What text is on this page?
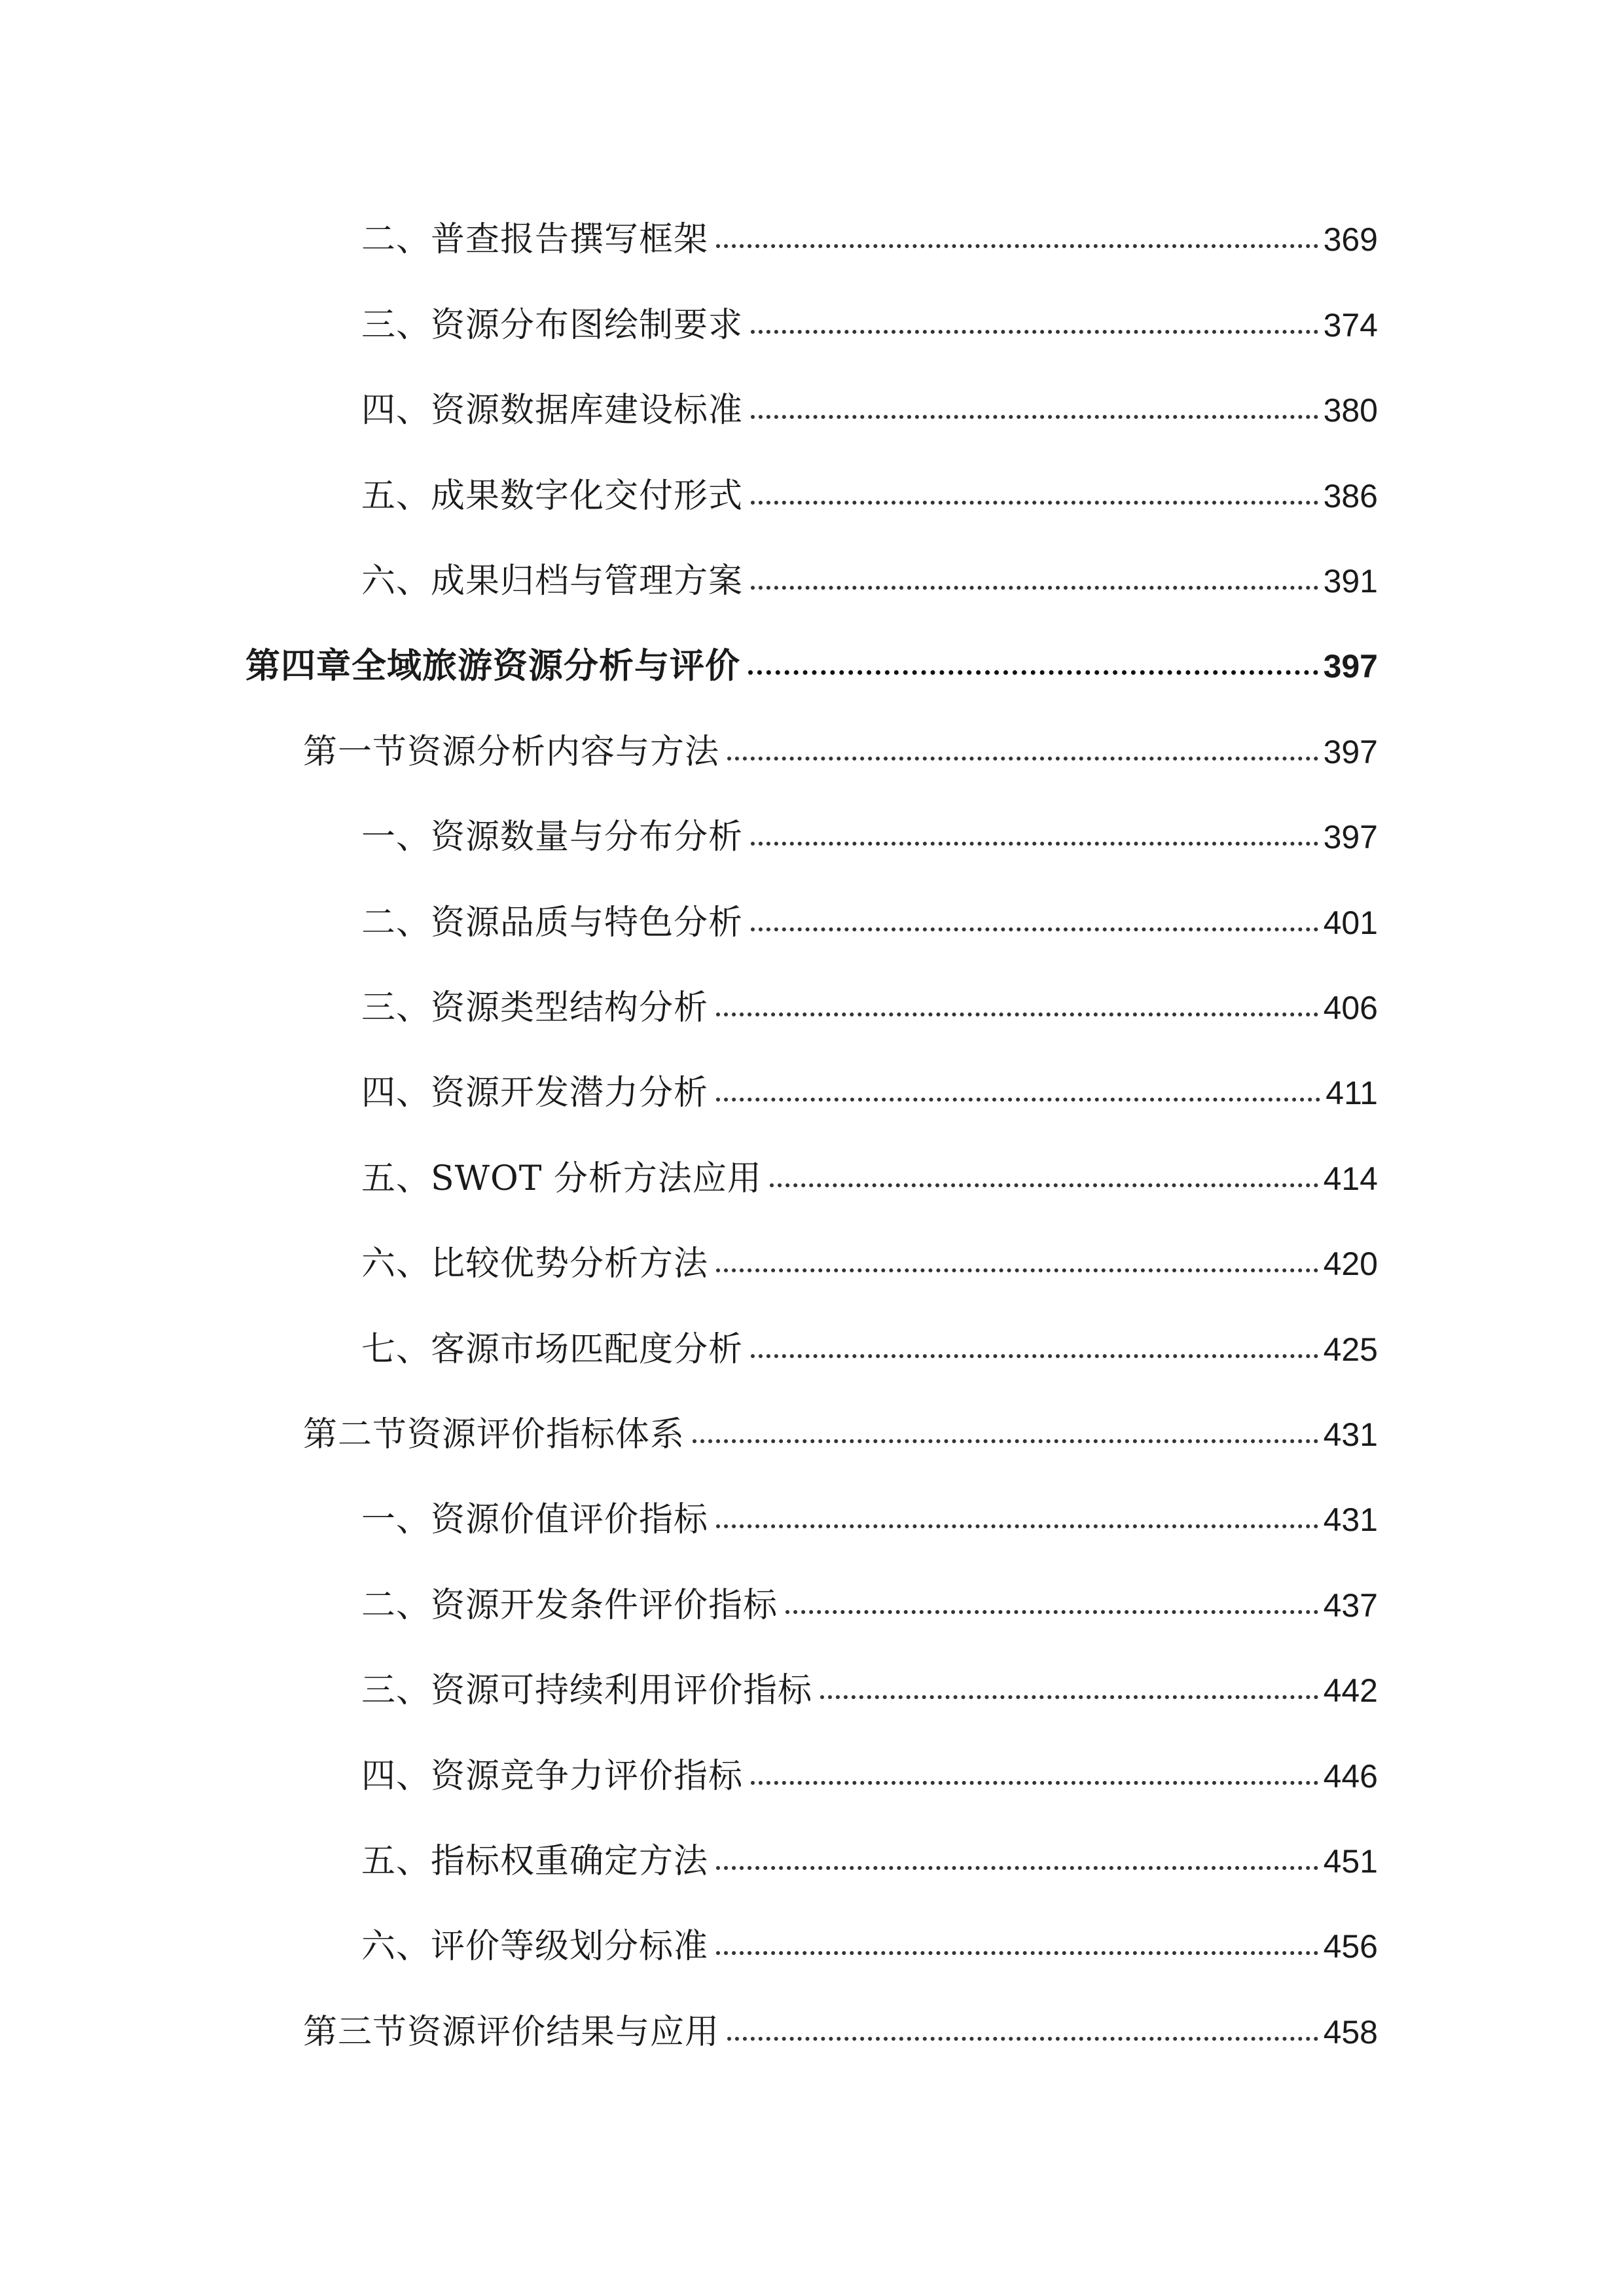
二、普查报告撰写框架	369
三、资源分布图绘制要求	374
四、资源数据库建设标准	380
五、成果数字化交付形式	386
六、成果归档与管理方案	391
第四章全域旅游资源分析与评价	397
第一节资源分析内容与方法	397
一、资源数量与分布分析	397
二、资源品质与特色分析	401
三、资源类型结构分析	406
四、资源开发潜力分析	411
五、SWOT 分析方法应用	414
六、比较优势分析方法	420
七、客源市场匹配度分析	425
第二节资源评价指标体系	431
一、资源价值评价指标	431
二、资源开发条件评价指标	437
三、资源可持续利用评价指标	442
四、资源竞争力评价指标	446
五、指标权重确定方法	451
六、评价等级划分标准	456
第三节资源评价结果与应用	458
